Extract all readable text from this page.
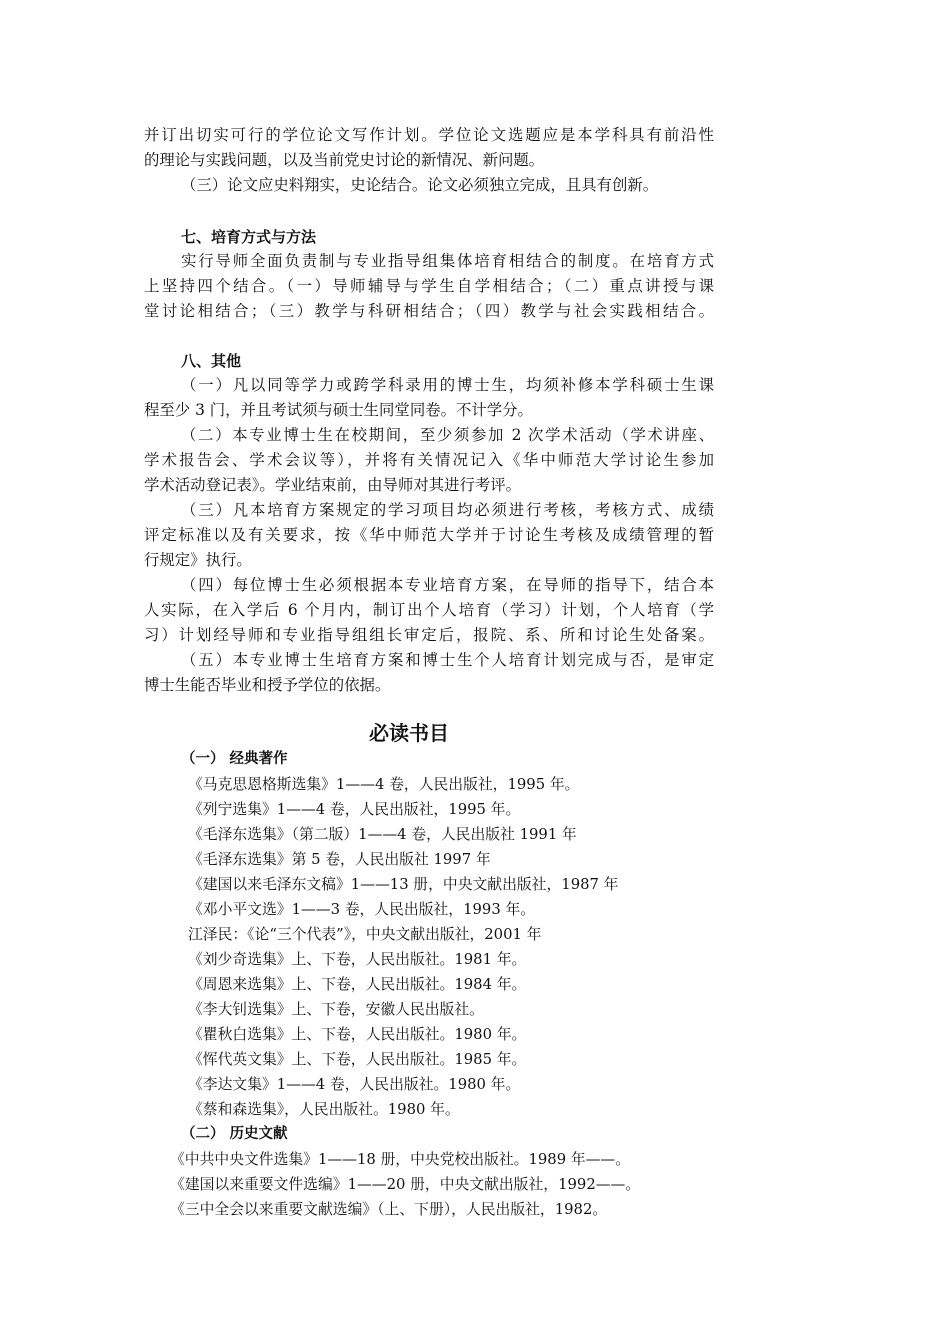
并订出切实可行的学位论文写作计划。学位论文选题应是本学科具有前沿性
的理论与实践问题，以及当前党史讨论的新情况、新问题。
（三）论文应史料翔实，史论结合。论文必须独立完成，且具有创新。
七、培育方式与方法
实行导师全面负责制与专业指导组集体培育相结合的制度。在培育方式
上坚持四个结合。（一）导师辅导与学生自学相结合；（二）重点讲授与课
堂讨论相结合；（三）教学与科研相结合；（四）教学与社会实践相结合。
八、其他
（一）凡以同等学力或跨学科录用的博士生，均须补修本学科硕士生课
程至少 3 门，并且考试须与硕士生同堂同卷。不计学分。
（二）本专业博士生在校期间，至少须参加 2 次学术活动（学术讲座、
学术报告会、学术会议等），并将有关情况记入《华中师范大学讨论生参加
学术活动登记表》。学业结束前，由导师对其进行考评。
（三）凡本培育方案规定的学习项目均必须进行考核，考核方式、成绩
评定标准以及有关要求，按《华中师范大学并于讨论生考核及成绩管理的暂
行规定》执行。
（四）每位博士生必须根据本专业培育方案，在导师的指导下，结合本
人实际，在入学后 6 个月内，制订出个人培育（学习）计划，个人培育（学
习）计划经导师和专业指导组组长审定后，报院、系、所和讨论生处备案。
（五）本专业博士生培育方案和博士生个人培育计划完成与否，是审定
博士生能否毕业和授予学位的依据。
必读书目
（一） 经典著作
《马克思恩格斯选集》1——4 卷，人民出版社，1995 年。
《列宁选集》1——4 卷，人民出版社，1995 年。
《毛泽东选集》（第二版）1——4 卷，人民出版社 1991 年
《毛泽东选集》第 5 卷，人民出版社 1997 年
《建国以来毛泽东文稿》1——13 册，中央文献出版社，1987 年
《邓小平文选》1——3 卷，人民出版社，1993 年。
江泽民：《论“三个代表”》，中央文献出版社，2001 年
《刘少奇选集》上、下卷，人民出版社。1981 年。
《周恩来选集》上、下卷，人民出版社。1984 年。
《李大钊选集》上、下卷，安徽人民出版社。
《瞿秋白选集》上、下卷，人民出版社。1980 年。
《恽代英文集》上、下卷，人民出版社。1985 年。
《李达文集》1——4 卷，人民出版社。1980 年。
《蔡和森选集》，人民出版社。1980 年。
（二） 历史文献
《中共中央文件选集》1——18 册，中央党校出版社。1989 年——。
《建国以来重要文件选编》1——20 册，中央文献出版社，1992——。
《三中全会以来重要文献选编》（上、下册），人民出版社，1982。
